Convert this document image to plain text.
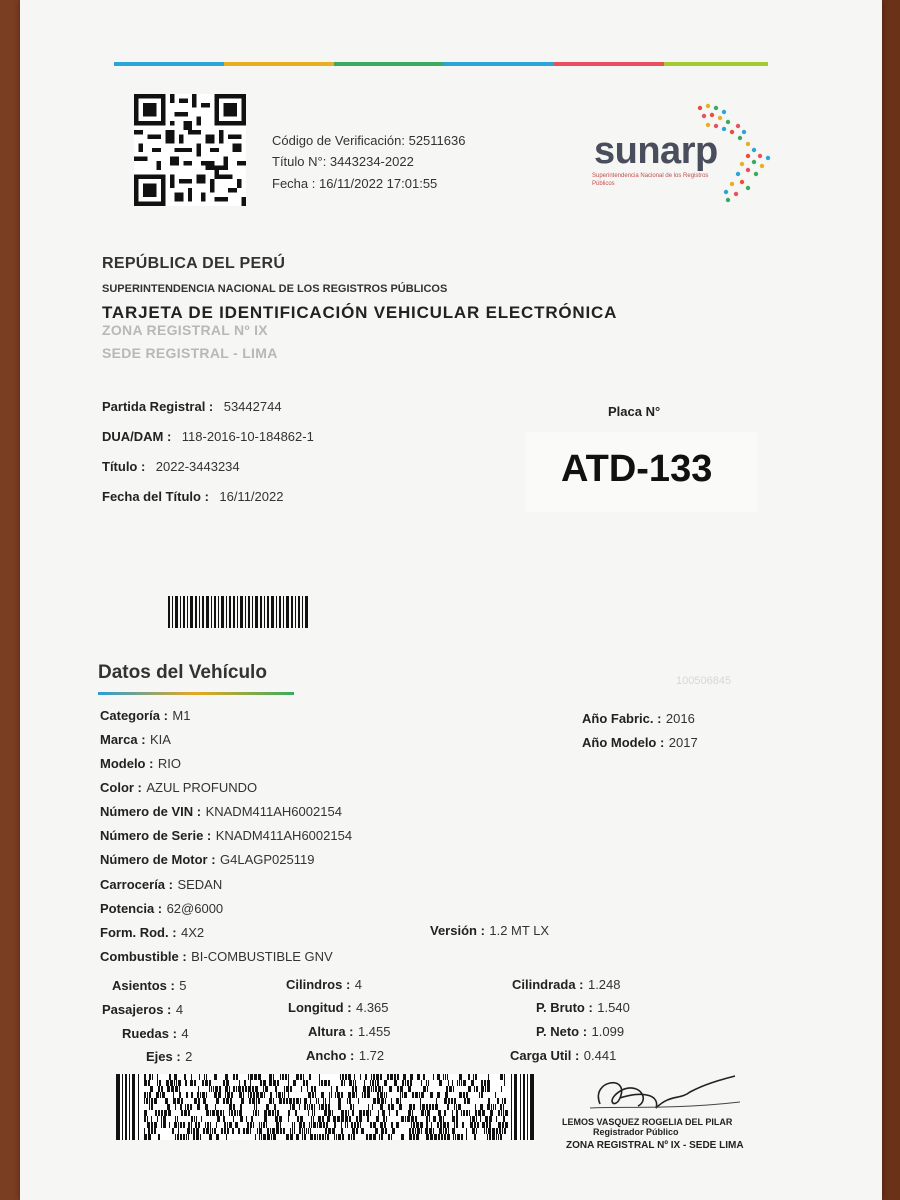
Código de Verificación: 52511636
Título N°: 3443234-2022
Fecha : 16/11/2022 17:01:55
sunarp
Superintendencia Nacional de los Registros Públicos
REPÚBLICA DEL PERÚ
SUPERINTENDENCIA NACIONAL DE LOS REGISTROS PÚBLICOS
TARJETA DE IDENTIFICACIÓN VEHICULAR ELECTRÓNICA
ZONA REGISTRAL Nº IX
SEDE REGISTRAL - LIMA
Partida Registral : 53442744
DUA/DAM : 118-2016-10-184862-1
Título : 2022-3443234
Fecha del Título : 16/11/2022
Placa N°
ATD-133
Datos del Vehículo	100506845
Categoría : M1
Marca : KIA
Modelo : RIO
Color : AZUL PROFUNDO
Número de VIN : KNADM411AH6002154
Número de Serie : KNADM411AH6002154
Número de Motor : G4LAGP025119
Carrocería : SEDAN
Potencia : 62@6000
Form. Rod. : 4X2	Versión : 1.2 MT LX
Combustible : BI-COMBUSTIBLE GNV
Año Fabric. : 2016
Año Modelo : 2017
Asientos : 5
Pasajeros : 4
Ruedas : 4
Ejes : 2
Cilindros : 4
Longitud : 4.365
Altura : 1.455
Ancho : 1.72
Cilindrada : 1.248
P. Bruto : 1.540
P. Neto : 1.099
Carga Util : 0.441
LEMOS VASQUEZ ROGELIA DEL PILAR
Registrador Público
ZONA REGISTRAL Nº IX - SEDE LIMA
